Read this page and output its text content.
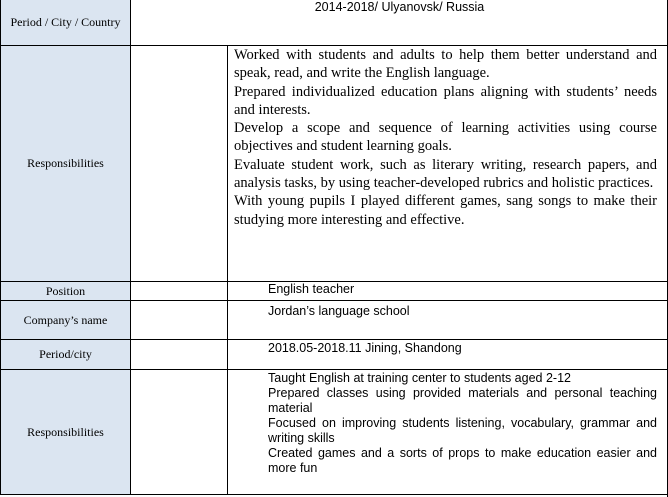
Period / City / Country
2014-2018/ Ulyanovsk/ Russia
Responsibilities

Worked with students and adults to help them better understand and speak, read, and write the English language.

Prepared individualized education plans aligning with students’ needs and interests.

Develop a scope and sequence of learning activities using course objectives and student learning goals.

Evaluate student work, such as literary writing, research papers, and analysis tasks, by using teacher-developed rubrics and holistic practices.

With young pupils I played different games, sang songs to make their studying more interesting and effective.

Position	English teacher
Company’s name
Jordan’s language school
Period/city	2018.05-2018.11 Jining, Shandong
Responsibilities

Taught English at training center to students aged 2-12

Prepared classes using provided materials and personal teaching material

Focused on improving students listening, vocabulary, grammar and writing skills

Created games and a sorts of props to make education easier and more fun
